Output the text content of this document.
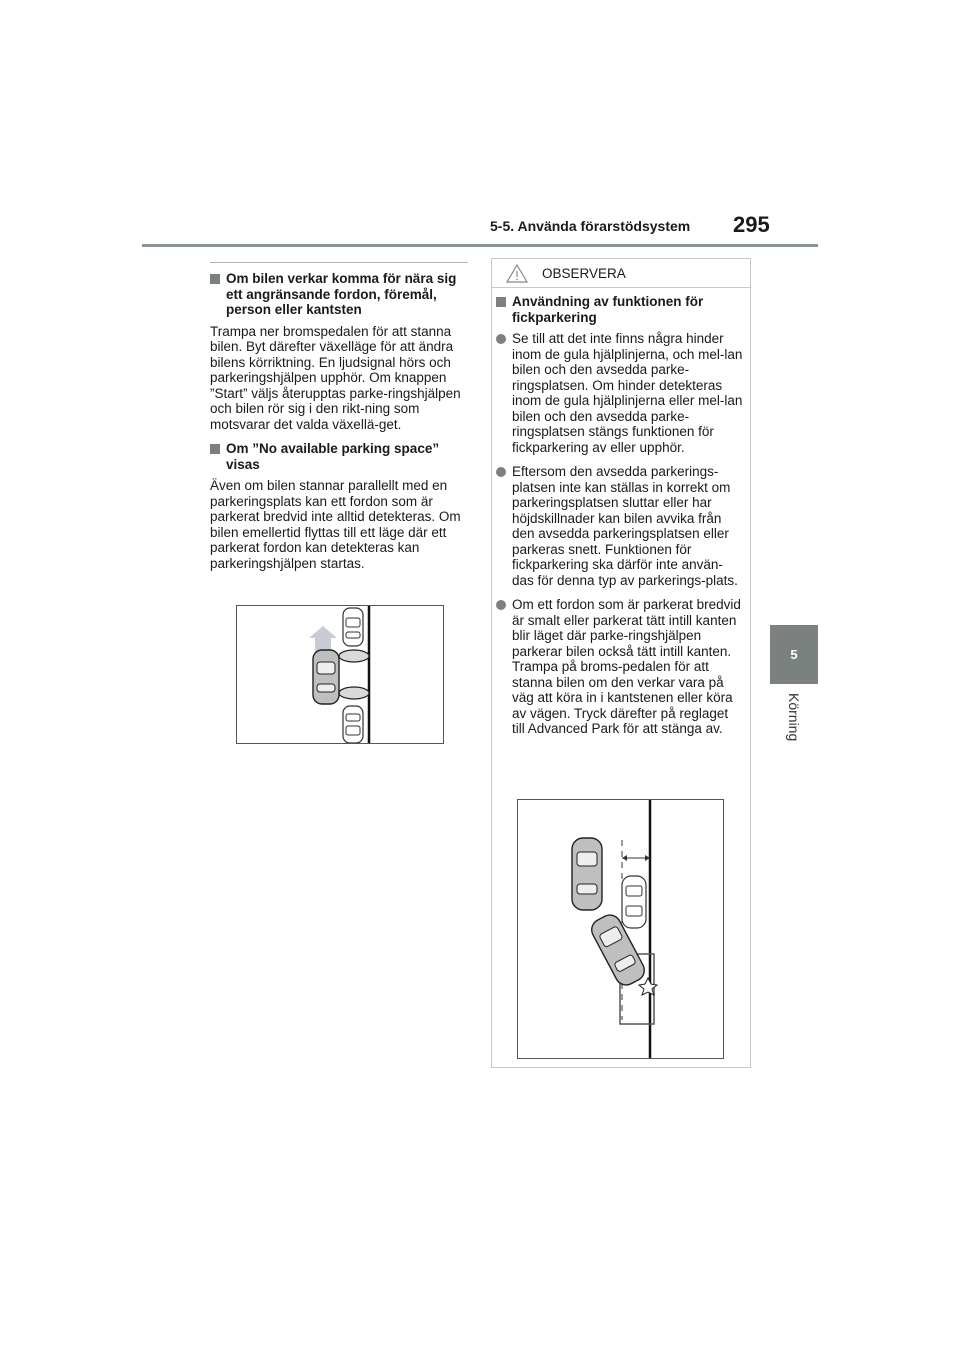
5-5. Använda förarstödsystem 295
5
Körning
Om bilen verkar komma för nära sig ett angränsande fordon, föremål, person eller kantsten

Trampa ner bromspedalen för att stanna bilen. Byt därefter växelläge för att ändra bilens körriktning. En ljudsignal hörs och parkeringshjälpen upphör. Om knappen ”Start” väljs återupptas parke-ringshjälpen och bilen rör sig i den rikt-ning som motsvarar det valda växellä-get.

Om ”No available parking space” visas

Även om bilen stannar parallellt med en parkeringsplats kan ett fordon som är parkerat bredvid inte alltid detekteras. Om bilen emellertid flyttas till ett läge där ett parkerat fordon kan detekteras kan parkeringshjälpen startas.

OBSERVERA
Användning av funktionen för fickparkering
Se till att det inte finns några hinder inom de gula hjälplinjerna, och mel-lan bilen och den avsedda parke-ringsplatsen. Om hinder detekteras inom de gula hjälplinjerna eller mel-lan bilen och den avsedda parke-ringsplatsen stängs funktionen för fickparkering av eller upphör.
Eftersom den avsedda parkerings-platsen inte kan ställas in korrekt om parkeringsplatsen sluttar eller har höjdskillnader kan bilen avvika från den avsedda parkeringsplatsen eller parkeras snett. Funktionen för fickparkering ska därför inte använ-das för denna typ av parkerings-plats.
Om ett fordon som är parkerat bredvid är smalt eller parkerat tätt intill kanten blir läget där parke-ringshjälpen parkerar bilen också tätt intill kanten. Trampa på broms-pedalen för att stanna bilen om den verkar vara på väg att köra in i kantstenen eller köra av vägen. Tryck därefter på reglaget till Advanced Park för att stänga av.
